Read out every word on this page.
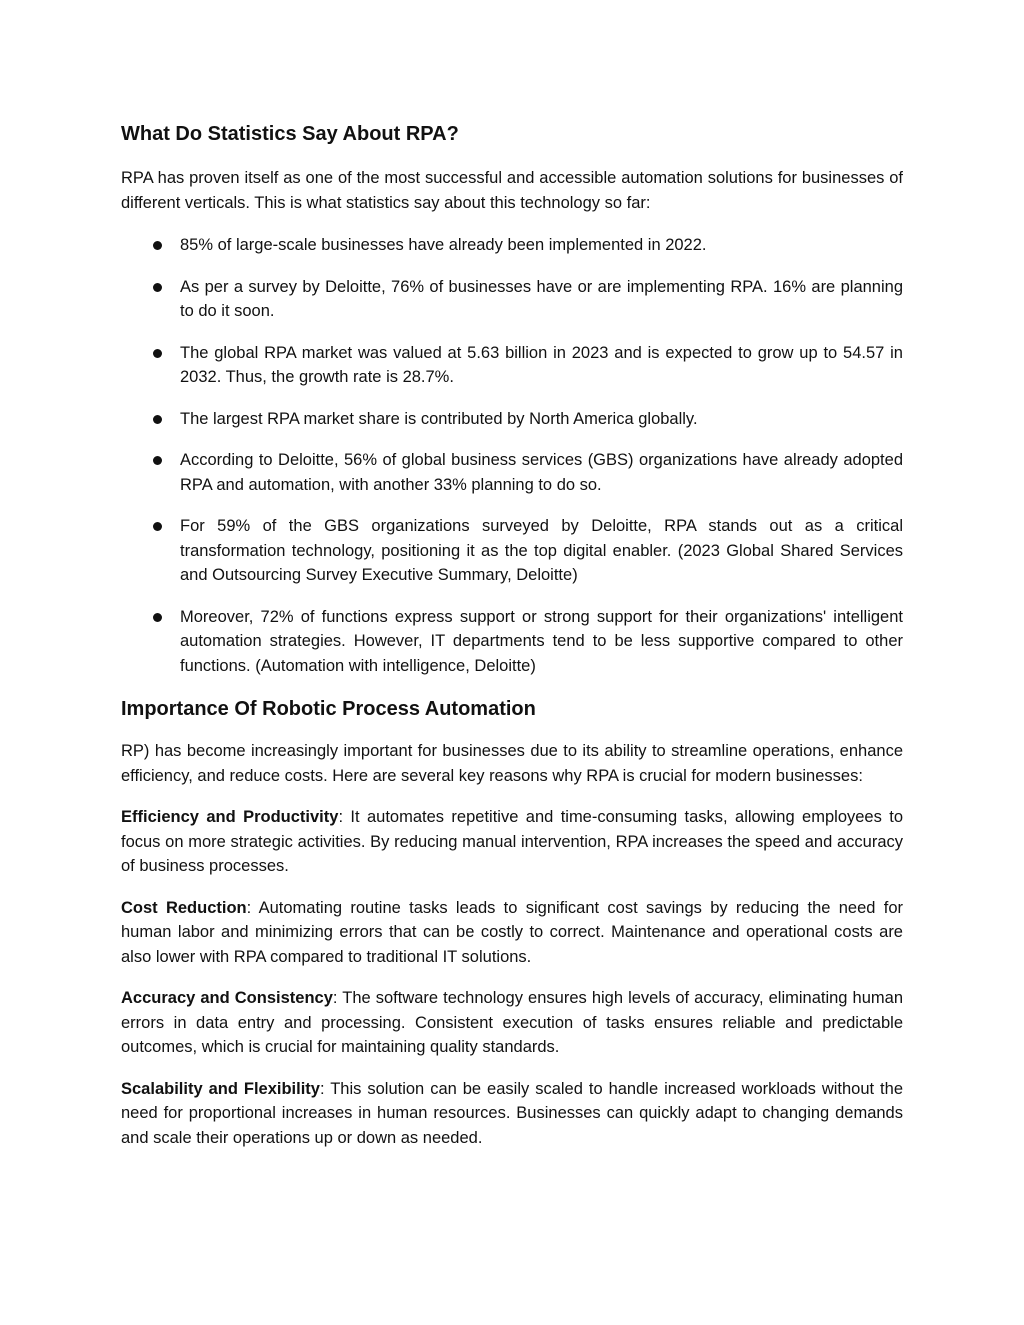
What Do Statistics Say About RPA?

RPA has proven itself as one of the most successful and accessible automation solutions for businesses of different verticals. This is what statistics say about this technology so far:

85% of large-scale businesses have already been implemented in 2022.
As per a survey by Deloitte, 76% of businesses have or are implementing RPA. 16% are planning to do it soon.
The global RPA market was valued at 5.63 billion in 2023 and is expected to grow up to 54.57 in 2032. Thus, the growth rate is 28.7%.
The largest RPA market share is contributed by North America globally.
According to Deloitte, 56% of global business services (GBS) organizations have already adopted RPA and automation, with another 33% planning to do so.
For 59% of the GBS organizations surveyed by Deloitte, RPA stands out as a critical transformation technology, positioning it as the top digital enabler. (2023 Global Shared Services and Outsourcing Survey Executive Summary, Deloitte)
Moreover, 72% of functions express support or strong support for their organizations' intelligent automation strategies. However, IT departments tend to be less supportive compared to other functions. (Automation with intelligence, Deloitte)
Importance Of Robotic Process Automation

RP) has become increasingly important for businesses due to its ability to streamline operations, enhance efficiency, and reduce costs. Here are several key reasons why RPA is crucial for modern businesses:

Efficiency and Productivity: It automates repetitive and time-consuming tasks, allowing employees to focus on more strategic activities. By reducing manual intervention, RPA increases the speed and accuracy of business processes.

Cost Reduction: Automating routine tasks leads to significant cost savings by reducing the need for human labor and minimizing errors that can be costly to correct. Maintenance and operational costs are also lower with RPA compared to traditional IT solutions.

Accuracy and Consistency: The software technology ensures high levels of accuracy, eliminating human errors in data entry and processing. Consistent execution of tasks ensures reliable and predictable outcomes, which is crucial for maintaining quality standards.

Scalability and Flexibility: This solution can be easily scaled to handle increased workloads without the need for proportional increases in human resources. Businesses can quickly adapt to changing demands and scale their operations up or down as needed.
